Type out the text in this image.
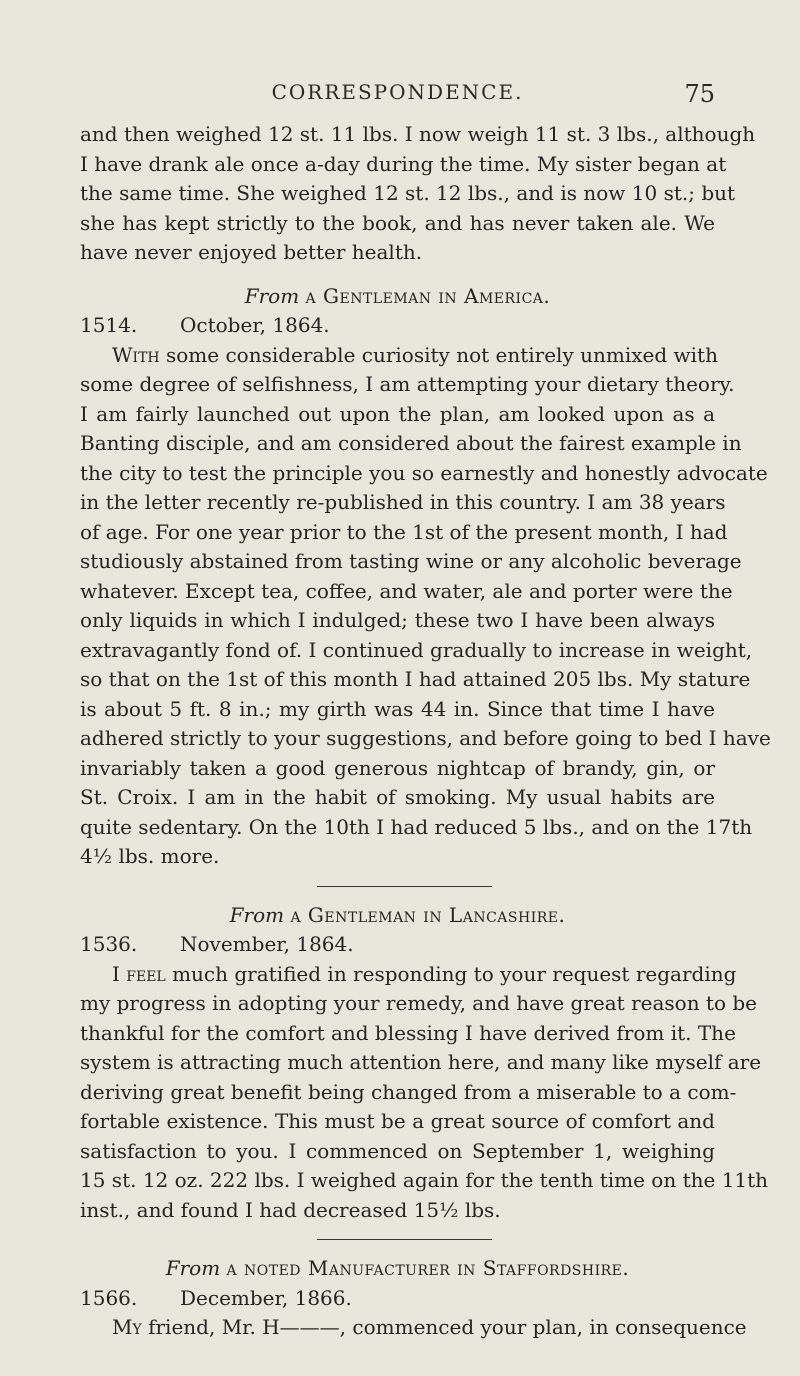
CORRESPONDENCE.	75
and then weighed 12 st. 11 lbs. I now weigh 11 st. 3 lbs., although
I have drank ale once a-day during the time. My sister began at
the same time. She weighed 12 st. 12 lbs., and is now 10 st.; but
she has kept strictly to the book, and has never taken ale. We
have never enjoyed better health.
From a Gentleman in America.
1514. October, 1864.
With some considerable curiosity not entirely unmixed with
some degree of selfishness, I am attempting your dietary theory.
I am fairly launched out upon the plan, am looked upon as a
Banting disciple, and am considered about the fairest example in
the city to test the principle you so earnestly and honestly advocate
in the letter recently re-published in this country. I am 38 years
of age. For one year prior to the 1st of the present month, I had
studiously abstained from tasting wine or any alcoholic beverage
whatever. Except tea, coffee, and water, ale and porter were the
only liquids in which I indulged; these two I have been always
extravagantly fond of. I continued gradually to increase in weight,
so that on the 1st of this month I had attained 205 lbs. My stature
is about 5 ft. 8 in.; my girth was 44 in. Since that time I have
adhered strictly to your suggestions, and before going to bed I have
invariably taken a good generous nightcap of brandy, gin, or
St. Croix. I am in the habit of smoking. My usual habits are
quite sedentary. On the 10th I had reduced 5 lbs., and on the 17th
4½ lbs. more.
From a Gentleman in Lancashire.
1536. November, 1864.
I feel much gratified in responding to your request regarding
my progress in adopting your remedy, and have great reason to be
thankful for the comfort and blessing I have derived from it. The
system is attracting much attention here, and many like myself are
deriving great benefit being changed from a miserable to a com-
fortable existence. This must be a great source of comfort and
satisfaction to you. I commenced on September 1, weighing
15 st. 12 oz. 222 lbs. I weighed again for the tenth time on the 11th
inst., and found I had decreased 15½ lbs.
From a noted Manufacturer in Staffordshire.
1566. December, 1866.
My friend, Mr. H———, commenced your plan, in consequence
